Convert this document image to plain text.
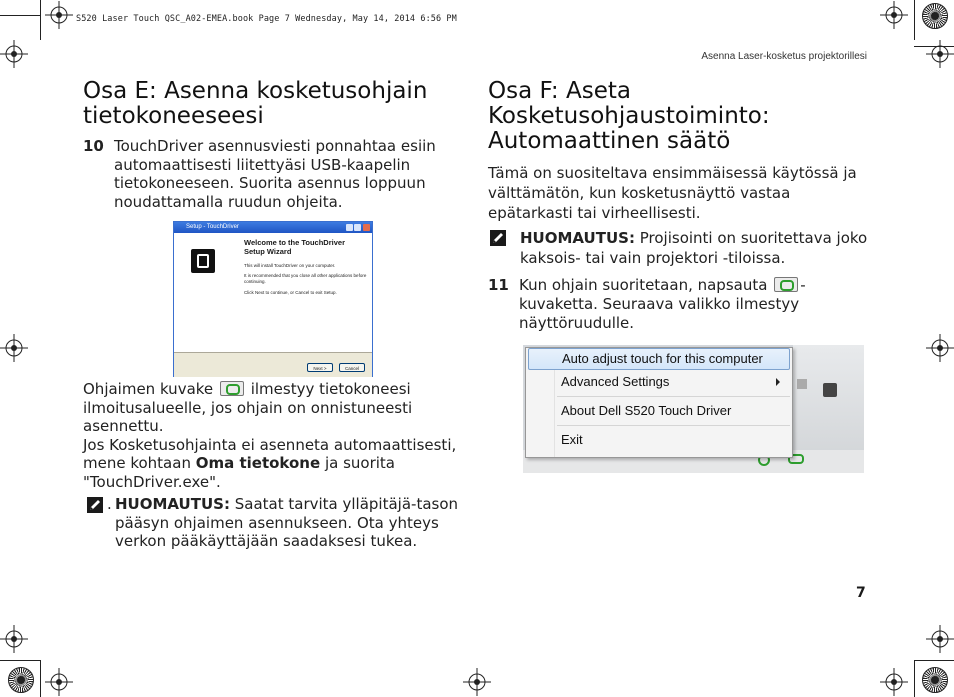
S520 Laser Touch QSC_A02-EMEA.book Page 7 Wednesday, May 14, 2014 6:56 PM
Asenna Laser-kosketus projektorillesi
Osa E: Asenna kosketusohjain tietokoneeseesi
10 TouchDriver asennusviesti ponnahtaa esiin automaattisesti liitettyäsi USB-kaapelin tietokoneeseen. Suorita asennus loppuun noudattamalla ruudun ohjeita.
Setup - TouchDriver
Welcome to the TouchDriver Setup Wizard
This will install TouchDriver on your computer.
It is recommended that you close all other applications before continuing.
Click Next to continue, or Cancel to exit Setup.
Next >	Cancel
Ohjaimen kuvake	ilmestyy tietokoneesi ilmoitusalueelle, jos ohjain on onnistuneesti asennettu.
Jos Kosketusohjainta ei asenneta automaattisesti, mene kohtaan Oma tietokone ja suorita "TouchDriver.exe".
. HUOMAUTUS: Saatat tarvita ylläpitäjä-tason pääsyn ohjaimen asennukseen. Ota yhteys verkon pääkäyttäjään saadaksesi tukea.
Osa F: Aseta Kosketusohjaustoiminto: Automaattinen säätö
Tämä on suositeltava ensimmäisessä käytössä ja välttämätön, kun kosketusnäyttö vastaa epätarkasti tai virheellisesti.
HUOMAUTUS: Projisointi on suoritettava joko kaksois- tai vain projektori -tiloissa.
11 Kun ohjain suoritetaan, napsauta -kuvaketta. Seuraava valikko ilmestyy näyttöruudulle.
Auto adjust touch for this computer
Advanced Settings
About Dell S520 Touch Driver
Exit
7
